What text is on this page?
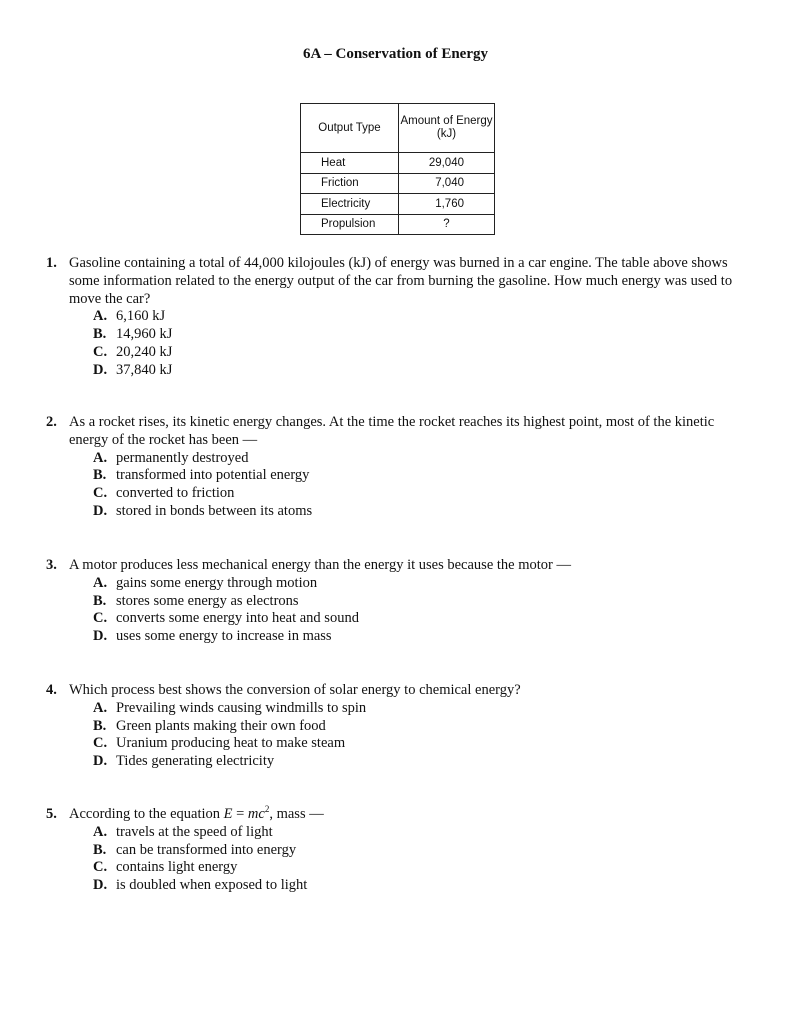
6A – Conservation of Energy
Output Type	Amount of Energy (kJ)
Heat	29,040
Friction	7,040
Electricity	1,760
Propulsion	?
1. Gasoline containing a total of 44,000 kilojoules (kJ) of energy was burned in a car engine. The table above shows some information related to the energy output of the car from burning the gasoline. How much energy was used to move the car?
A. 6,160 kJ
B. 14,960 kJ
C. 20,240 kJ
D. 37,840 kJ
2. As a rocket rises, its kinetic energy changes. At the time the rocket reaches its highest point, most of the kinetic energy of the rocket has been —
A. permanently destroyed
B. transformed into potential energy
C. converted to friction
D. stored in bonds between its atoms
3. A motor produces less mechanical energy than the energy it uses because the motor —
A. gains some energy through motion
B. stores some energy as electrons
C. converts some energy into heat and sound
D. uses some energy to increase in mass
4. Which process best shows the conversion of solar energy to chemical energy?
A. Prevailing winds causing windmills to spin
B. Green plants making their own food
C. Uranium producing heat to make steam
D. Tides generating electricity
5. According to the equation $E = mc^2$, mass —
A. travels at the speed of light
B. can be transformed into energy
C. contains light energy
D. is doubled when exposed to light
